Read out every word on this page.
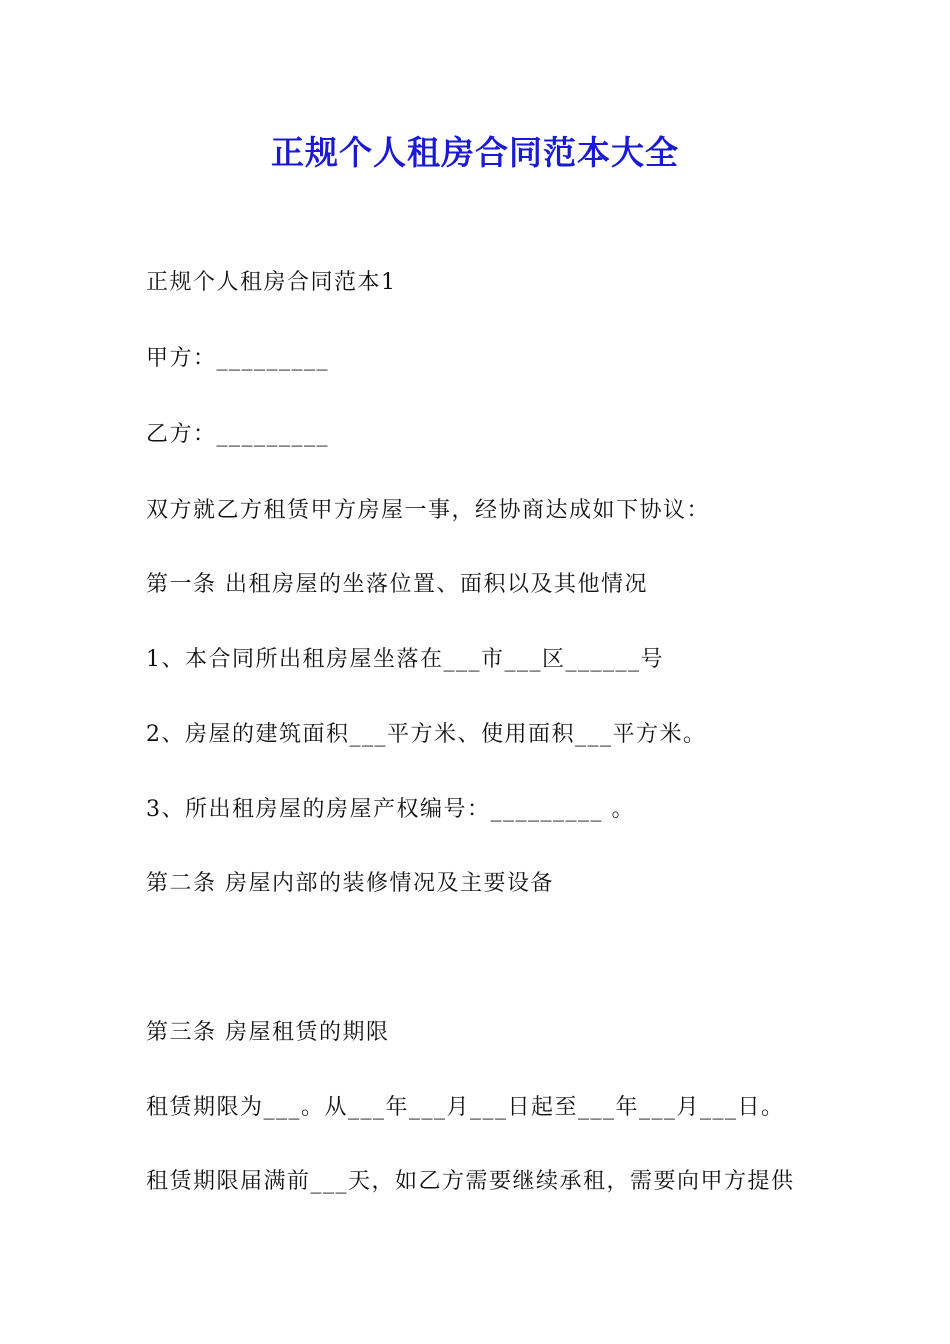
正规个人租房合同范本大全
正规个人租房合同范本1
甲方：_________
乙方：_________
双方就乙方租赁甲方房屋一事，经协商达成如下协议：
第一条 出租房屋的坐落位置、面积以及其他情况
1、本合同所出租房屋坐落在___市___区______号
2、房屋的建筑面积___平方米、使用面积___平方米。
3、所出租房屋的房屋产权编号：_________ 。
第二条 房屋内部的装修情况及主要设备
第三条 房屋租赁的期限
租赁期限为___。从___年___月___日起至___年___月___日。
租赁期限届满前___天，如乙方需要继续承租，需要向甲方提供
